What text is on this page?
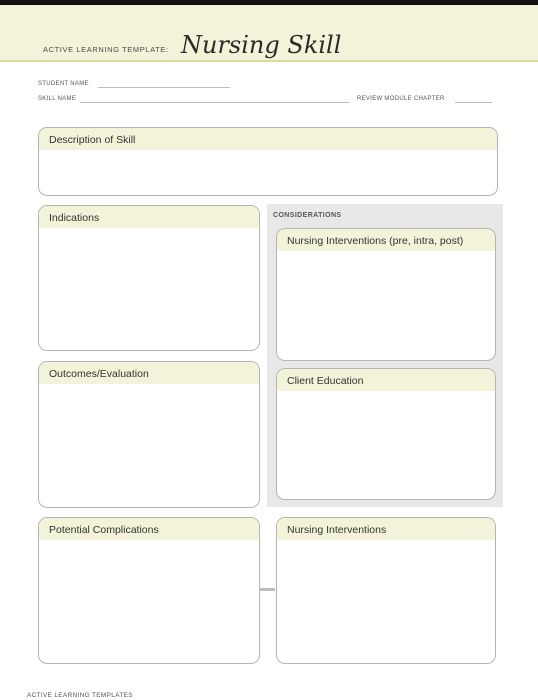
ACTIVE LEARNING TEMPLATE: Nursing Skill
STUDENT NAME
SKILL NAME	REVIEW MODULE CHAPTER
Description of Skill
Indications
Outcomes/Evaluation
CONSIDERATIONS
Nursing Interventions (pre, intra, post)
Client Education
Potential Complications	Nursing Interventions
ACTIVE LEARNING TEMPLATES
